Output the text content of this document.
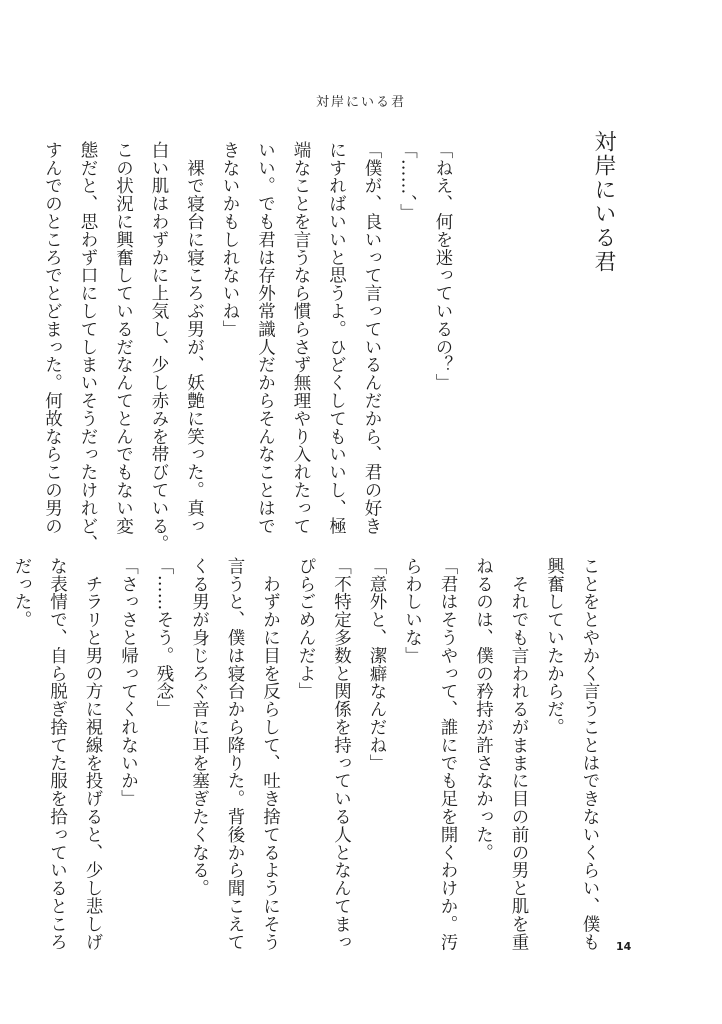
対岸にいる君
対岸にいる君
「ねえ、何を迷っているの？」
「……、」
「僕が、良いって言っているんだから、君の好き
にすればいいと思うよ。ひどくしてもいいし、極
端なことを言うなら慣らさず無理やり入れたって
いい。でも君は存外常識人だからそんなことはで
きないかもしれないね」
　裸で寝台に寝ころぶ男が、妖艶に笑った。真っ
白い肌はわずかに上気し、少し赤みを帯びている。
この状況に興奮しているだなんてとんでもない変
態だと、思わず口にしてしまいそうだったけれど、
すんでのところでとどまった。何故ならこの男の
ことをとやかく言うことはできないくらい、僕も
興奮していたからだ。
　それでも言われるがままに目の前の男と肌を重
ねるのは、僕の矜持が許さなかった。
「君はそうやって、誰にでも足を開くわけか。汚
らわしいな」
「意外と、潔癖なんだね」
「不特定多数と関係を持っている人となんてまっ
ぴらごめんだよ」
　わずかに目を反らして、吐き捨てるようにそう
言うと、僕は寝台から降りた。背後から聞こえて
くる男が身じろぐ音に耳を塞ぎたくなる。
「……そう。残念」
「さっさと帰ってくれないか」
　チラリと男の方に視線を投げると、少し悲しげ
な表情で、自ら脱ぎ捨てた服を拾っているところ
だった。
14
